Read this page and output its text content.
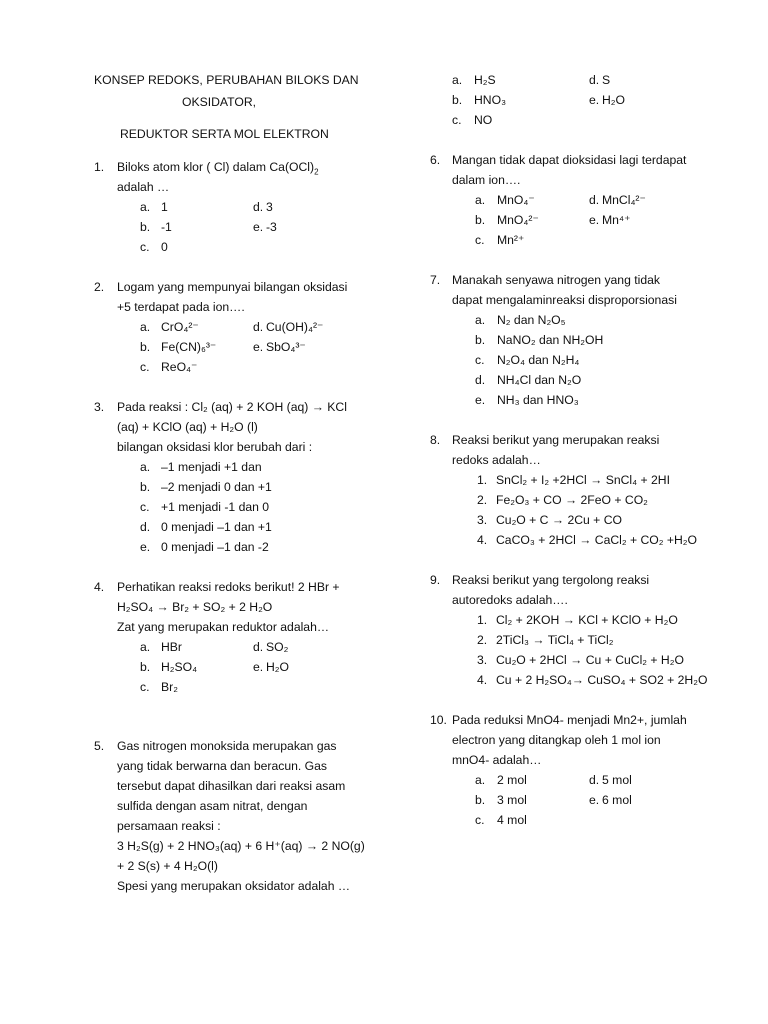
KONSEP REDOKS, PERUBAHAN BILOKS DAN
OKSIDATOR,
REDUKTOR SERTA MOL ELEKTRON
1. Biloks atom klor ( Cl) dalam $Ca(OCl)_2$
adalah …
a. 1	d. 3
b. -1	e. -3
c. 0
2. Logam yang mempunyai bilangan oksidasi
+5 terdapat pada ion….
a. CrO₄²⁻	d. Cu(OH)₄²⁻
b. Fe(CN)₆³⁻	e. SbO₄³⁻
c. ReO₄⁻
3. Pada reaksi : Cl₂ (aq) + 2 KOH (aq) → KCl
(aq) + KClO (aq) + H₂O (l)
bilangan oksidasi klor berubah dari :
a. –1 menjadi +1 dan
b. –2 menjadi 0 dan +1
c. +1 menjadi -1 dan 0
d. 0 menjadi –1 dan +1
e. 0 menjadi –1 dan -2
4. Perhatikan reaksi redoks berikut! 2 HBr +
H₂SO₄ → Br₂ + SO₂ + 2 H₂O
Zat yang merupakan reduktor adalah…
a. HBr	d. SO₂
b. H₂SO₄	e. H₂O
c. Br₂
5. Gas nitrogen monoksida merupakan gas
yang tidak berwarna dan beracun. Gas
tersebut dapat dihasilkan dari reaksi asam
sulfida dengan asam nitrat, dengan
persamaan reaksi :
3 H₂S(g) + 2 HNO₃(aq) + 6 H⁺(aq) → 2 NO(g)
+ 2 S(s) + 4 H₂O(l)
Spesi yang merupakan oksidator adalah …
a. H₂S	d. S
b. HNO₃	e. H₂O
c. NO
6. Mangan tidak dapat dioksidasi lagi terdapat
dalam ion….
a. MnO₄⁻	d. MnCl₄²⁻
b. MnO₄²⁻	e. Mn⁴⁺
c. Mn²⁺
7. Manakah senyawa nitrogen yang tidak
dapat mengalaminreaksi disproporsionasi
a. N₂ dan N₂O₅
b. NaNO₂ dan NH₂OH
c. N₂O₄ dan N₂H₄
d. NH₄Cl dan N₂O
e. NH₃ dan HNO₃
8. Reaksi berikut yang merupakan reaksi
redoks adalah…
1. SnCl₂ + I₂ +2HCl → SnCl₄ + 2HI
2. Fe₂O₃ + CO → 2FeO + CO₂
3. Cu₂O + C → 2Cu + CO
4. CaCO₃ + 2HCl → CaCl₂ + CO₂ +H₂O
9. Reaksi berikut yang tergolong reaksi
autoredoks adalah….
1. Cl₂ + 2KOH → KCl + KClO + H₂O
2. 2TiCl₃ → TiCl₄ + TiCl₂
3. Cu₂O + 2HCl → Cu + CuCl₂ + H₂O
4. Cu + 2 H₂SO₄→ CuSO₄ + SO2 + 2H₂O
10. Pada reduksi MnO4- menjadi Mn2+, jumlah
electron yang ditangkap oleh 1 mol ion
mnO4- adalah…
a. 2 mol	d. 5 mol
b. 3 mol	e. 6 mol
c. 4 mol
